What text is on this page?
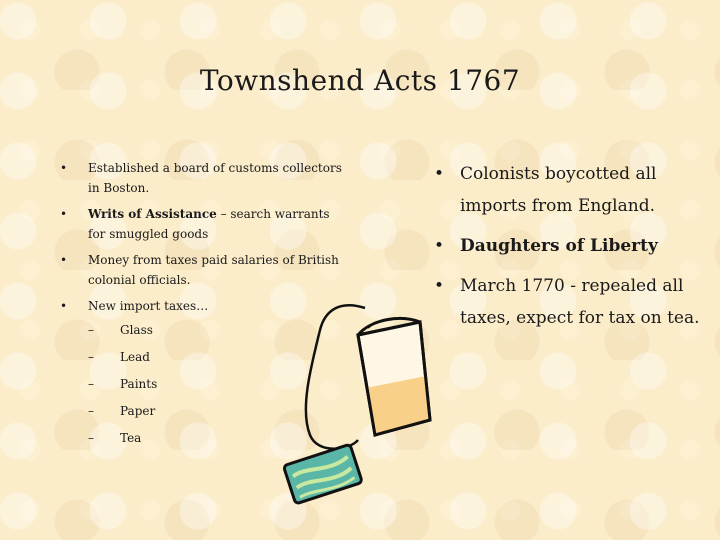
Townshend Acts 1767
• Established a board of customs collectors in Boston.
• Writs of Assistance – search warrants for smuggled goods
• Money from taxes paid salaries of British colonial officials.
• New import taxes…
– Glass
– Lead
– Paints
– Paper
– Tea
• Colonists boycotted all imports from England.
• Daughters of Liberty
• March 1770 - repealed all taxes, expect for tax on tea.
